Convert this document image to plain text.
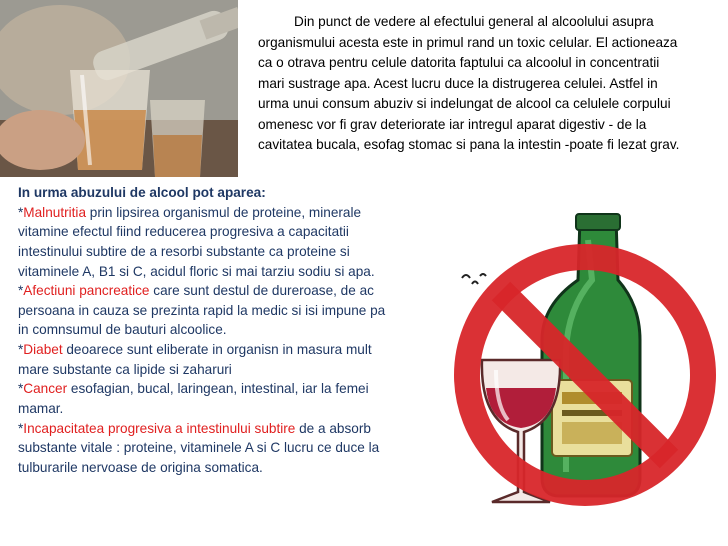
Din punct de vedere al efectului general al alcoolului asupra
organismului acesta este in primul rand un toxic celular. El actioneaza
ca o otrava pentru celule datorita faptului ca alcoolul in concentratii
mari sustrage apa. Acest lucru duce la distrugerea celulei. Astfel in
urma unui consum abuziv si indelungat de alcool ca celulele corpului
omenesc vor fi grav deteriorate iar intregul aparat digestiv - de la
cavitatea bucala, esofag stomac si pana la intestin -poate fi lezat grav.
In urma abuzului de alcool pot aparea:
*Malnutritia prin lipsirea organismul de proteine, minerale
vitamine efectul fiind reducerea progresiva a capacitatii
intestinului subtire de a resorbi substante ca proteine si
vitaminele A, B1 si C, acidul floric si mai tarziu sodiu si apa.
*Afectiuni pancreatice care sunt destul de dureroase, de ac
persoana in cauza se prezinta rapid la medic si isi impune pa
in comnsumul de bauturi alcoolice.
*Diabet deoarece sunt eliberate in organisn in masura mult
mare substante ca lipide si zaharuri
*Cancer esofagian, bucal, laringean, intestinal, iar la femei
mamar.
*Incapacitatea progresiva a intestinului subtire de a absorb
substante vitale : proteine, vitaminele A si C lucru ce duce la
tulburarile nervoase de origina somatica.
